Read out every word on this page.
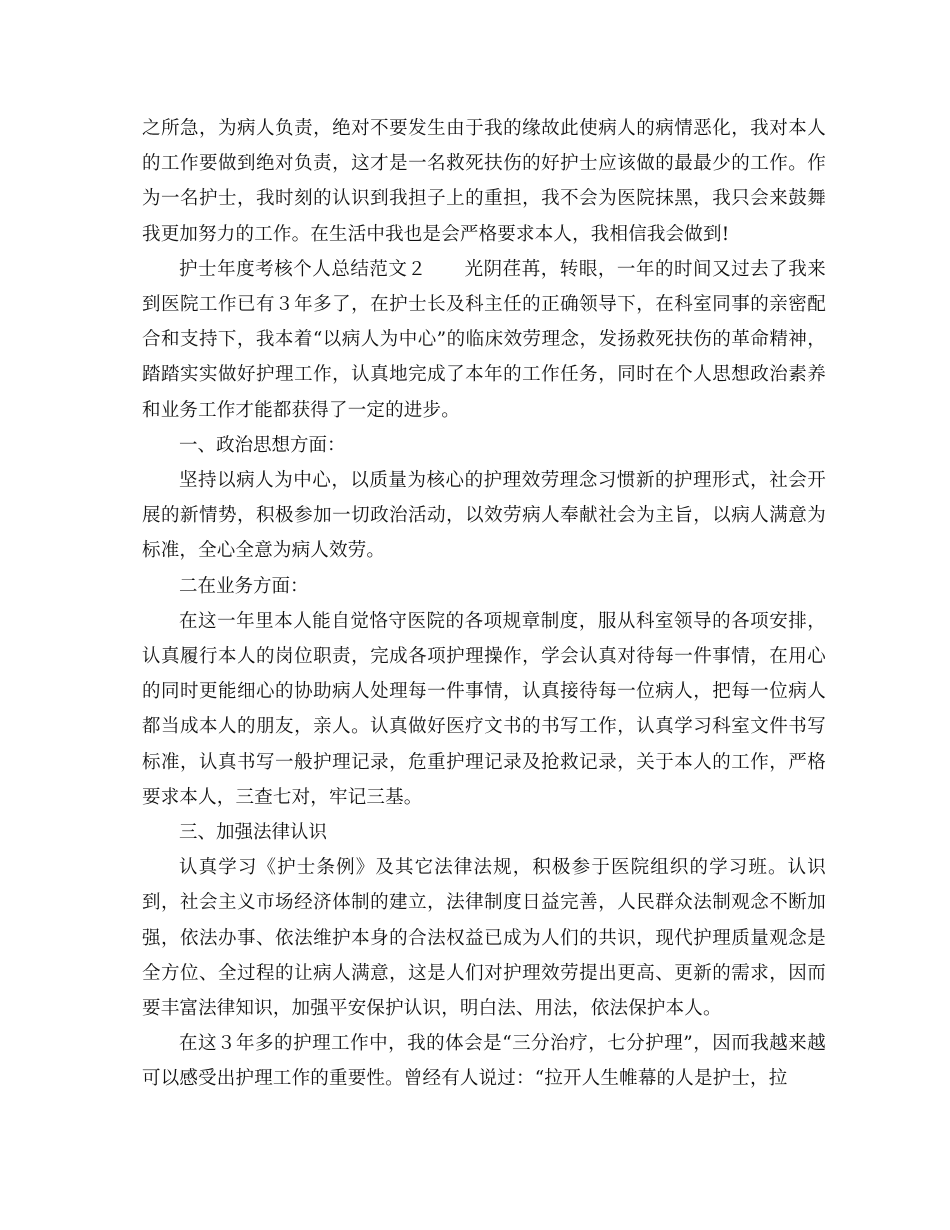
之所急，为病人负责，绝对不要发生由于我的缘故此使病人的病情恶化，我对本人的工作要做到绝对负责，这才是一名救死扶伤的好护士应该做的最最少的工作。作为一名护士，我时刻的认识到我担子上的重担，我不会为医院抹黑，我只会来鼓舞我更加努力的工作。在生活中我也是会严格要求本人，我相信我会做到!

护士年度考核个人总结范文２　　光阴荏苒，转眼，一年的时间又过去了我来到医院工作已有３年多了，在护士长及科主任的正确领导下，在科室同事的亲密配合和支持下，我本着“以病人为中心”的临床效劳理念，发扬救死扶伤的革命精神，踏踏实实做好护理工作，认真地完成了本年的工作任务，同时在个人思想政治素养和业务工作才能都获得了一定的进步。

一、政治思想方面：

坚持以病人为中心，以质量为核心的护理效劳理念习惯新的护理形式，社会开展的新情势，积极参加一切政治活动，以效劳病人奉献社会为主旨，以病人满意为标准，全心全意为病人效劳。

二在业务方面：

在这一年里本人能自觉恪守医院的各项规章制度，服从科室领导的各项安排，认真履行本人的岗位职责，完成各项护理操作，学会认真对待每一件事情，在用心的同时更能细心的协助病人处理每一件事情，认真接待每一位病人，把每一位病人都当成本人的朋友，亲人。认真做好医疗文书的书写工作，认真学习科室文件书写标准，认真书写一般护理记录，危重护理记录及抢救记录，关于本人的工作，严格要求本人，三查七对，牢记三基。

三、加强法律认识

认真学习《护士条例》及其它法律法规，积极参于医院组织的学习班。认识到，社会主义市场经济体制的建立，法律制度日益完善，人民群众法制观念不断加强，依法办事、依法维护本身的合法权益已成为人们的共识，现代护理质量观念是全方位、全过程的让病人满意，这是人们对护理效劳提出更高、更新的需求，因而要丰富法律知识，加强平安保护认识，明白法、用法，依法保护本人。

在这３年多的护理工作中，我的体会是“三分治疗，七分护理”，因而我越来越可以感受出护理工作的重要性。曾经有人说过：“拉开人生帷幕的人是护士，拉
